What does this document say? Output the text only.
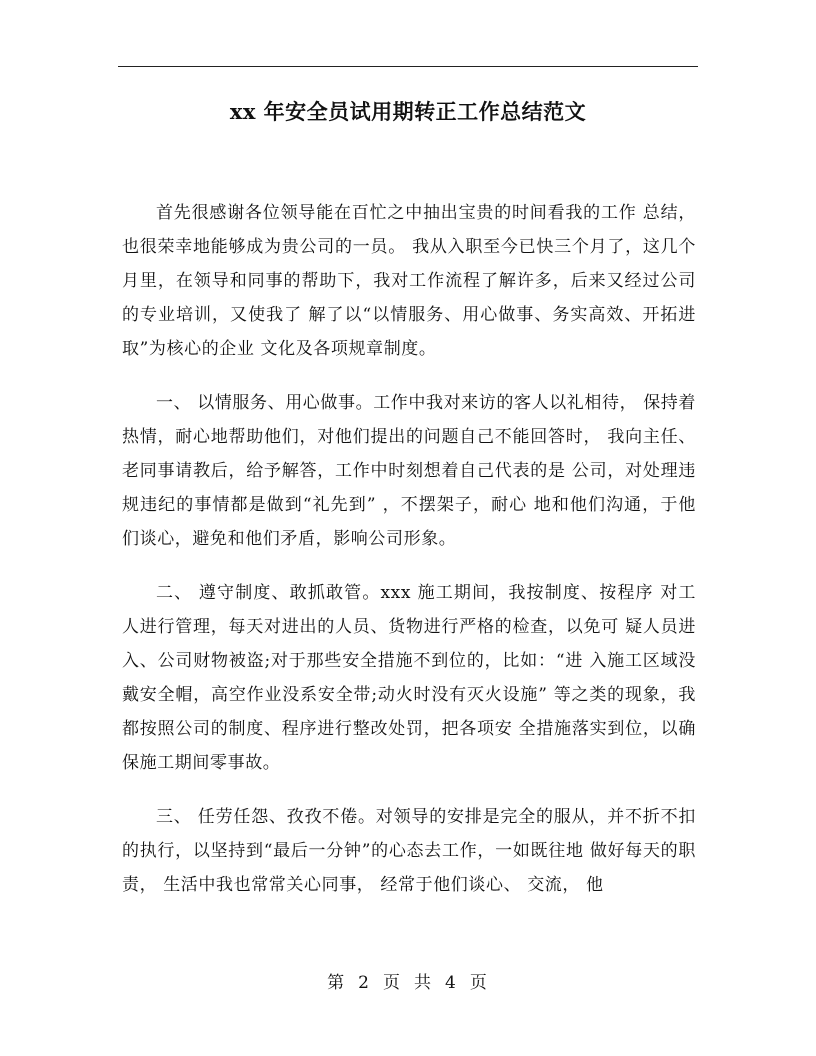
xx 年安全员试用期转正工作总结范文

首先很感谢各位领导能在百忙之中抽出宝贵的时间看我的工作 总结，也很荣幸地能够成为贵公司的一员。 我从入职至今已快三个月了，这几个月里，在领导和同事的帮助下，我对工作流程了解许多，后来又经过公司的专业培训，又使我了 解了以“以情服务、用心做事、务实高效、开拓进取”为核心的企业 文化及各项规章制度。

一、 以情服务、用心做事。工作中我对来访的客人以礼相待， 保持着热情，耐心地帮助他们，对他们提出的问题自己不能回答时， 我向主任、老同事请教后，给予解答，工作中时刻想着自己代表的是 公司，对处理违规违纪的事情都是做到“礼先到” ，不摆架子，耐心 地和他们沟通，于他们谈心，避免和他们矛盾，影响公司形象。

二、 遵守制度、敢抓敢管。xxx 施工期间，我按制度、按程序 对工人进行管理，每天对进出的人员、货物进行严格的检查，以免可 疑人员进入、公司财物被盗;对于那些安全措施不到位的，比如：“进 入施工区域没戴安全帽，高空作业没系安全带;动火时没有灭火设施” 等之类的现象，我都按照公司的制度、程序进行整改处罚，把各项安 全措施落实到位，以确保施工期间零事故。

三、 任劳任怨、孜孜不倦。对领导的安排是完全的服从，并不折不扣的执行，以坚持到“最后一分钟”的心态去工作，一如既往地 做好每天的职责， 生活中我也常常关心同事， 经常于他们谈心、 交流， 他

第 2 页 共 4 页
